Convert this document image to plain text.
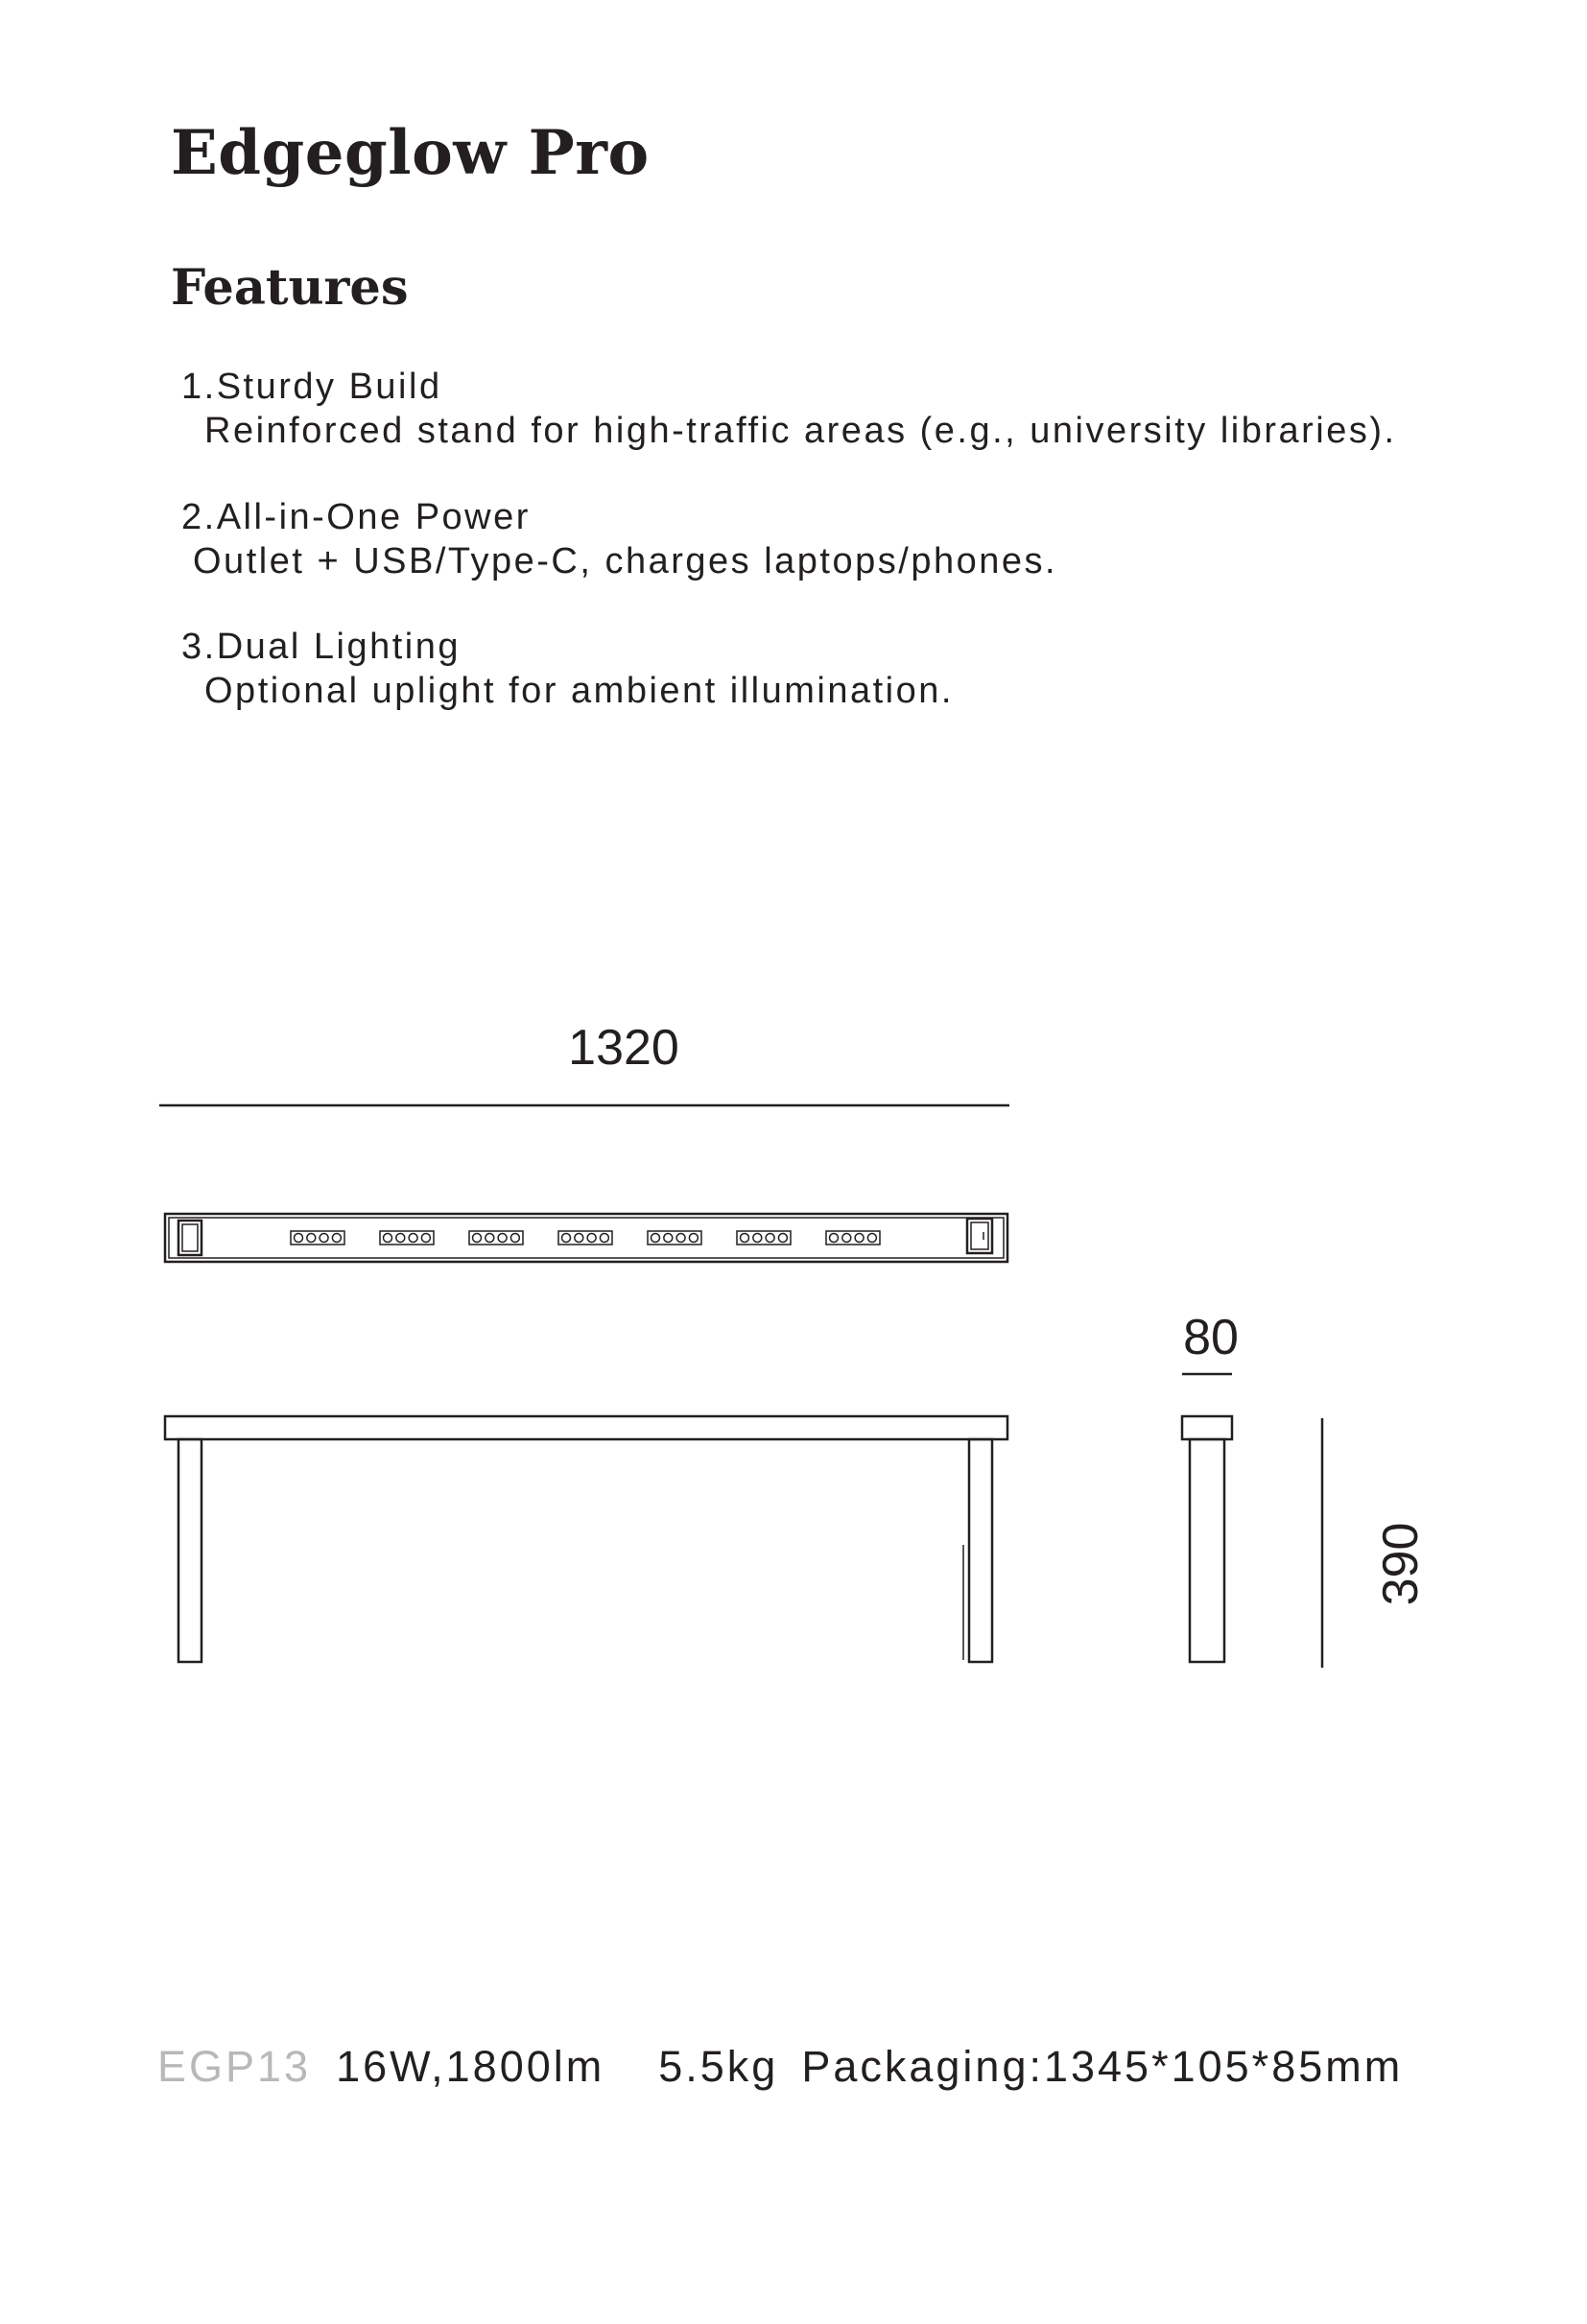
Edgeglow Pro
Features
1.Sturdy Build
Reinforced stand for high-traffic areas (e.g., university libraries).
2.All-in-One Power
Outlet + USB/Type-C, charges laptops/phones.
3.Dual Lighting
Optional uplight for ambient illumination.
1320
80
390
EGP13 16W,1800lm 5.5kg Packaging:1345*105*85mm
